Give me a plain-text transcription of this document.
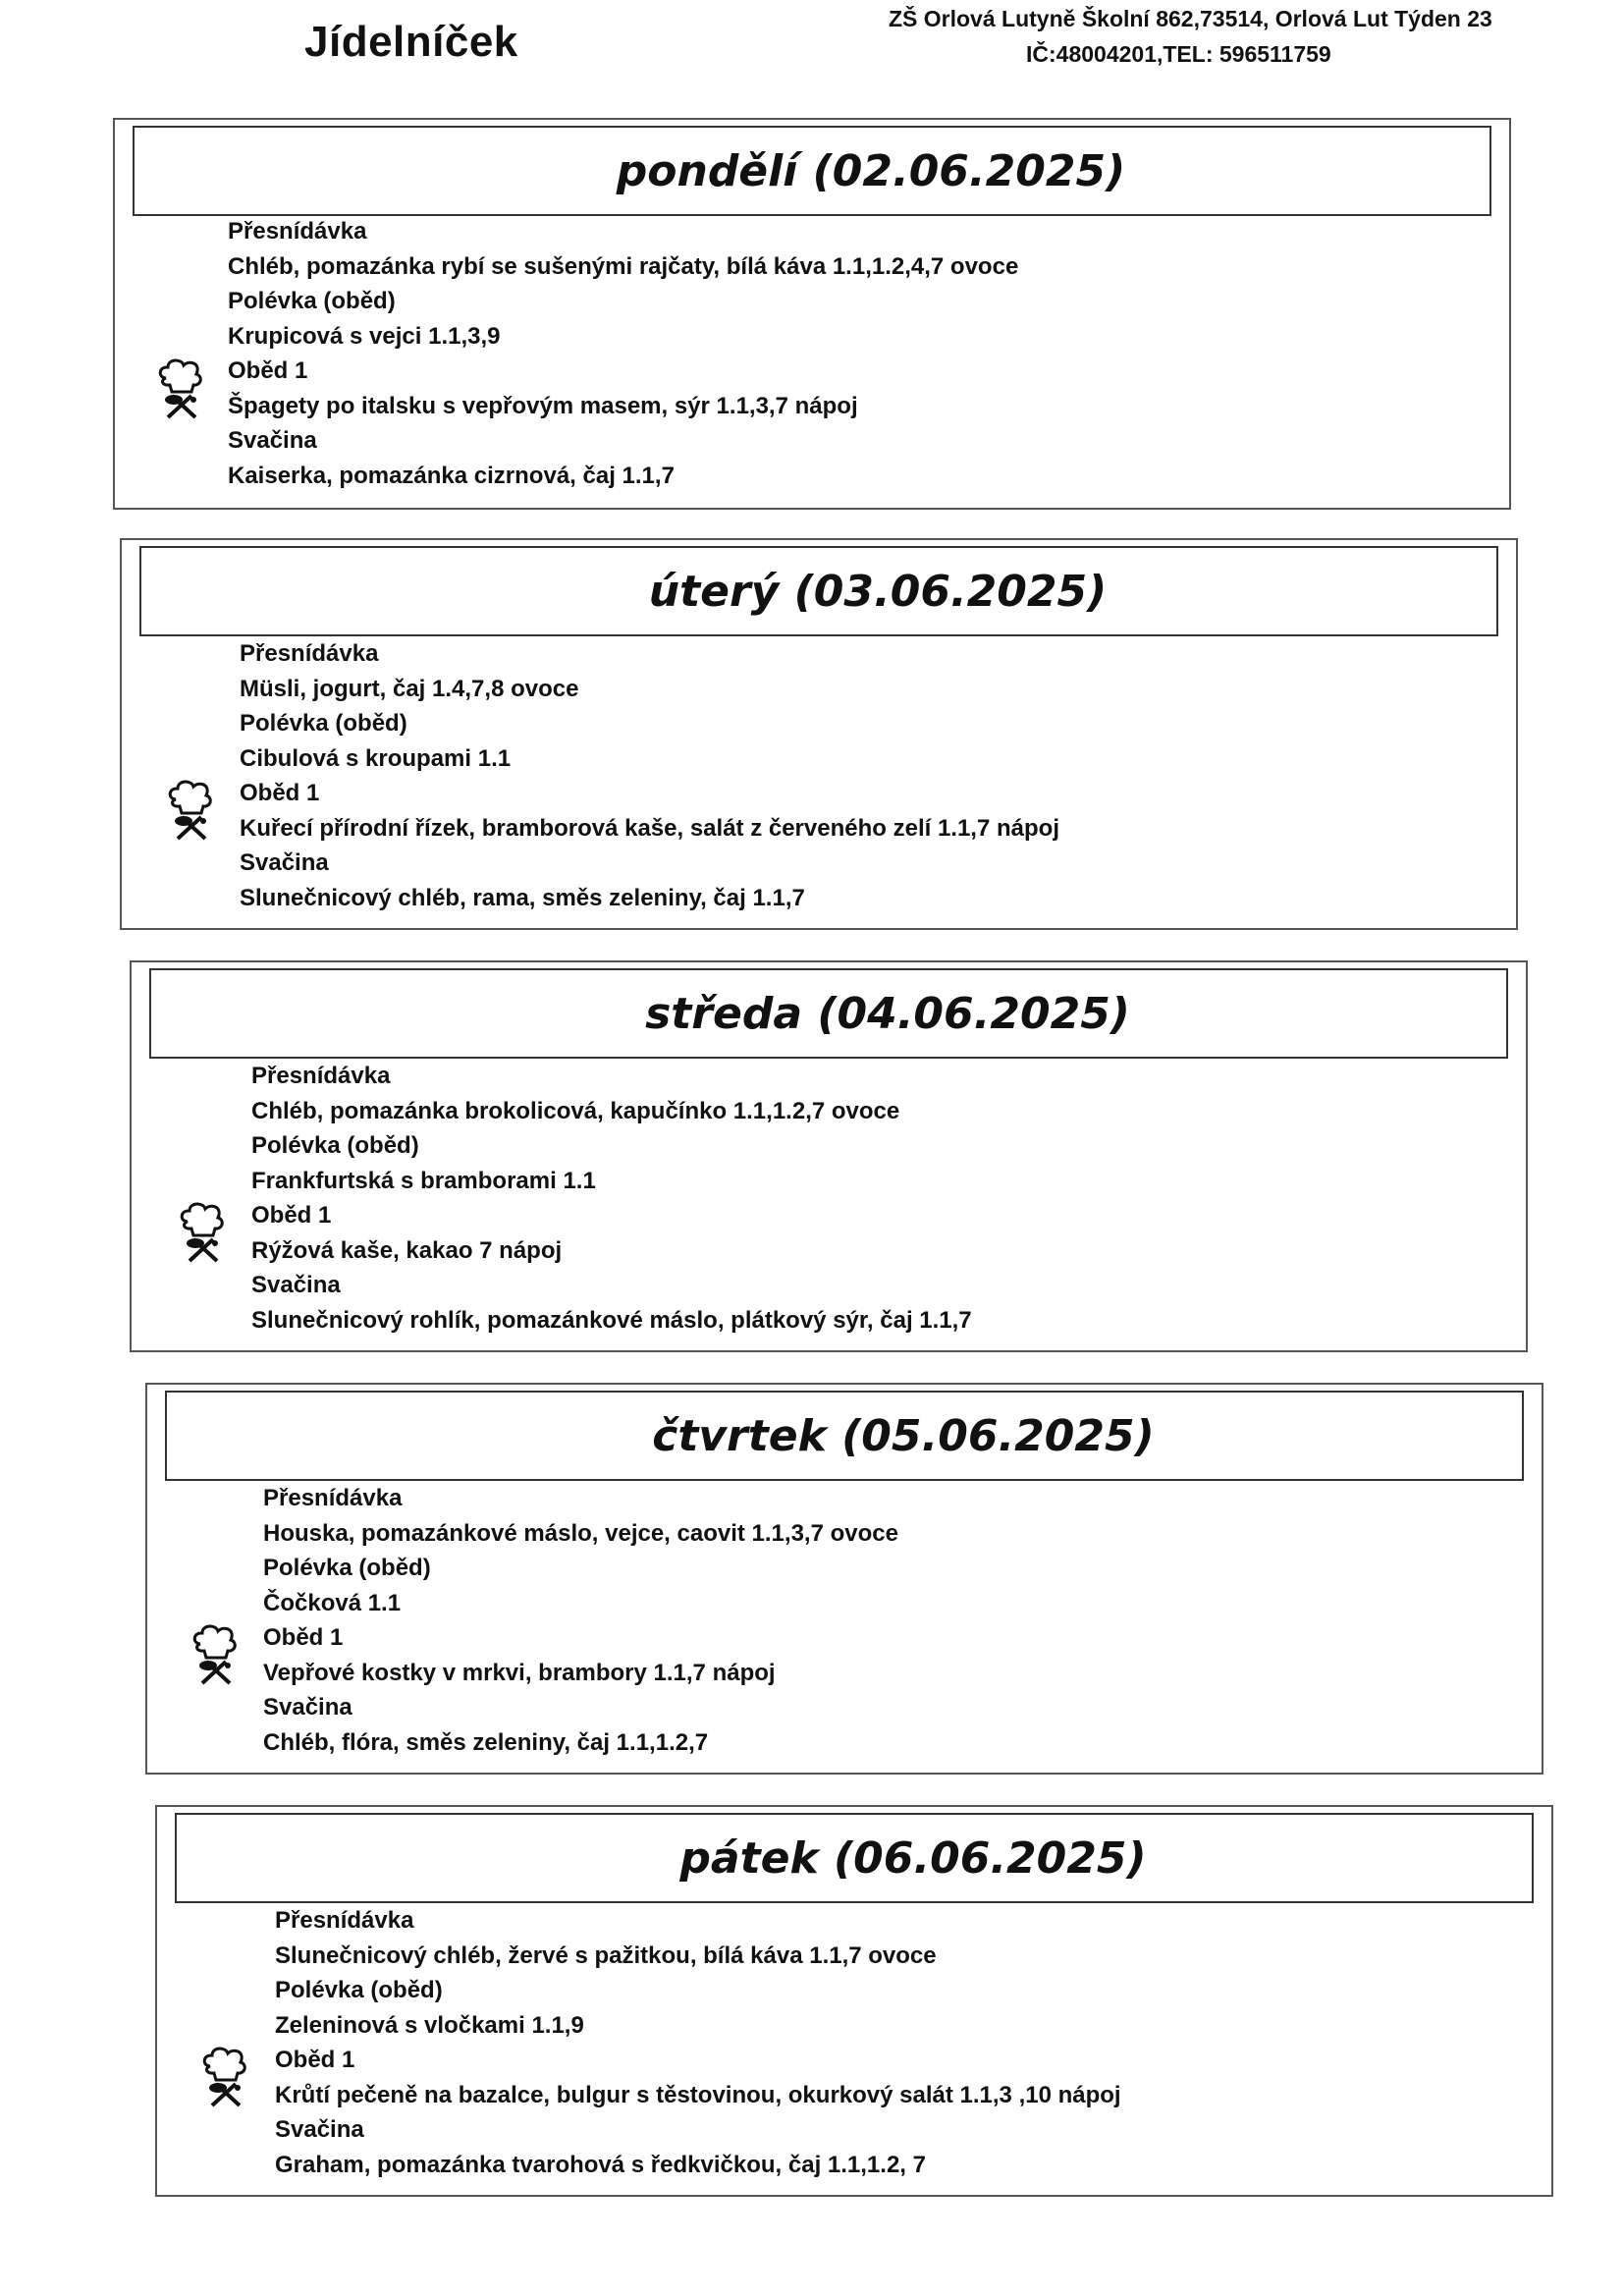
Jídelníček	ZŠ Orlová Lutyně Školní 862,73514, Orlová Lut Týden 23
IČ:48004201,TEL: 596511759
pondělí (02.06.2025)
Přesnídávka
Chléb, pomazánka rybí se sušenými rajčaty, bílá káva 1.1,1.2,4,7 ovoce
Polévka (oběd)
Krupicová s vejci 1.1,3,9
Oběd 1
Špagety po italsku s vepřovým masem, sýr 1.1,3,7 nápoj
Svačina
Kaiserka, pomazánka cizrnová, čaj 1.1,7
úterý (03.06.2025)
Přesnídávka
Müsli, jogurt, čaj 1.4,7,8 ovoce
Polévka (oběd)
Cibulová s kroupami 1.1
Oběd 1
Kuřecí přírodní řízek, bramborová kaše, salát z červeného zelí 1.1,7 nápoj
Svačina
Slunečnicový chléb, rama, směs zeleniny, čaj 1.1,7
středa (04.06.2025)
Přesnídávka
Chléb, pomazánka brokolicová, kapučínko 1.1,1.2,7 ovoce
Polévka (oběd)
Frankfurtská s bramborami 1.1
Oběd 1
Rýžová kaše, kakao 7 nápoj
Svačina
Slunečnicový rohlík, pomazánkové máslo, plátkový sýr, čaj 1.1,7
čtvrtek (05.06.2025)
Přesnídávka
Houska, pomazánkové máslo, vejce, caovit 1.1,3,7 ovoce
Polévka (oběd)
Čočková 1.1
Oběd 1
Vepřové kostky v mrkvi, brambory 1.1,7 nápoj
Svačina
Chléb, flóra, směs zeleniny, čaj 1.1,1.2,7
pátek (06.06.2025)
Přesnídávka
Slunečnicový chléb, žervé s pažitkou, bílá káva 1.1,7 ovoce
Polévka (oběd)
Zeleninová s vločkami 1.1,9
Oběd 1
Krůtí pečeně na bazalce, bulgur s těstovinou, okurkový salát 1.1,3 ,10 nápoj
Svačina
Graham, pomazánka tvarohová s ředkvičkou, čaj 1.1,1.2, 7
